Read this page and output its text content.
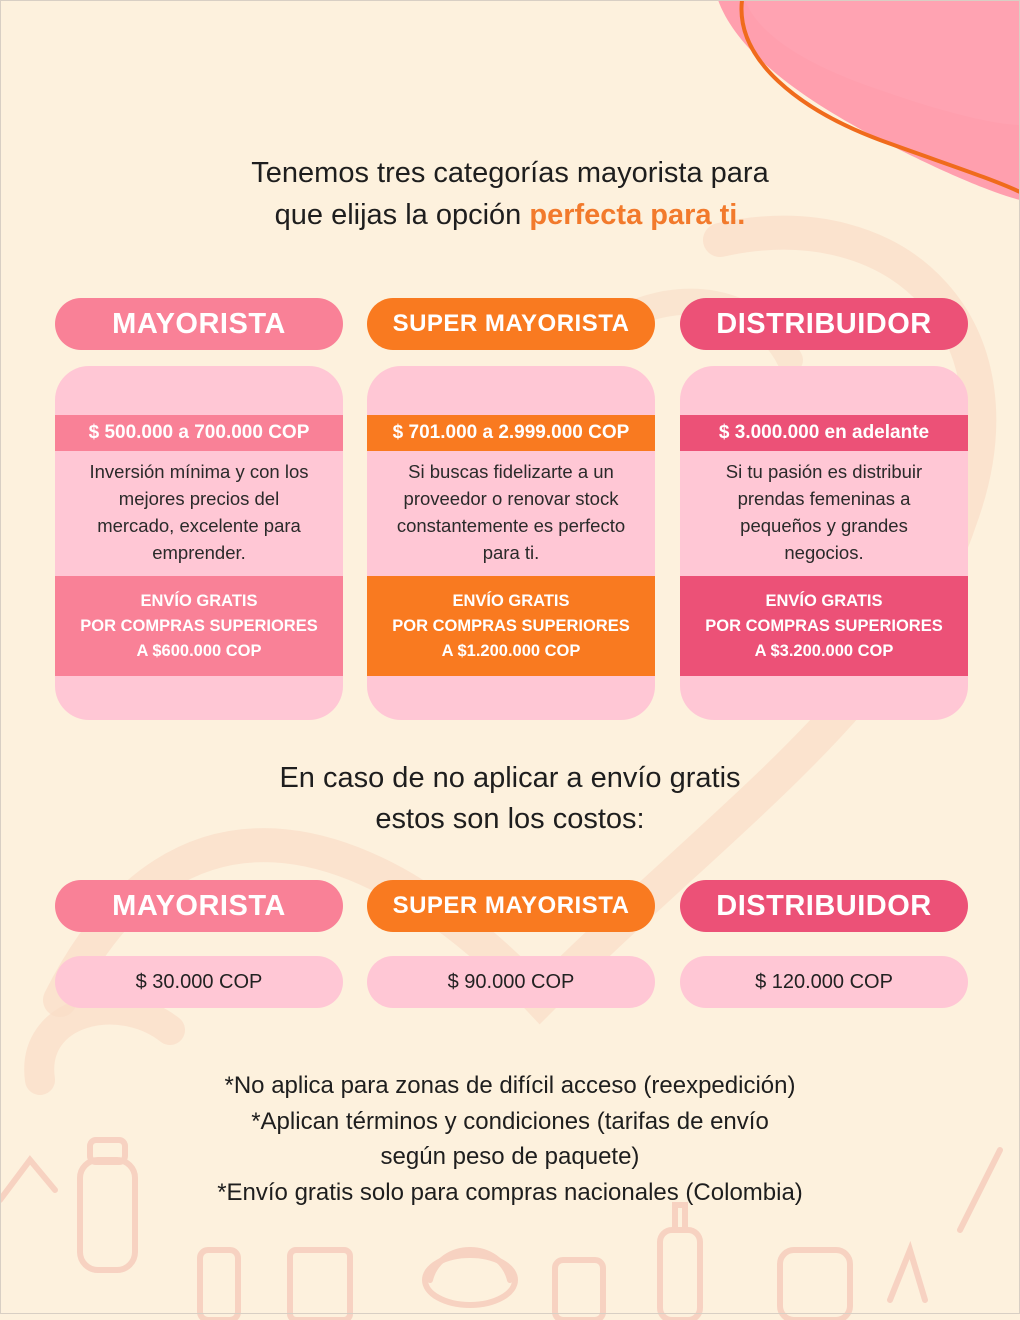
Tenemos tres categorías mayorista para
que elijas la opción perfecta para ti.
MAYORISTA	SUPER MAYORISTA	DISTRIBUIDOR
$ 500.000 a 700.000 COP
Inversión mínima y con los
mejores precios del
mercado, excelente para
emprender.
ENVÍO GRATIS
POR COMPRAS SUPERIORES
A $600.000 COP
$ 701.000 a 2.999.000 COP
Si buscas fidelizarte a un
proveedor o renovar stock
constantemente es perfecto
para ti.
ENVÍO GRATIS
POR COMPRAS SUPERIORES
A $1.200.000 COP
$ 3.000.000 en adelante
Si tu pasión es distribuir
prendas femeninas a
pequeños y grandes
negocios.
ENVÍO GRATIS
POR COMPRAS SUPERIORES
A $3.200.000 COP
En caso de no aplicar a envío gratis
estos son los costos:
MAYORISTA	SUPER MAYORISTA	DISTRIBUIDOR
$ 30.000 COP	$ 90.000 COP	$ 120.000 COP
*No aplica para zonas de difícil acceso (reexpedición)
*Aplican términos y condiciones (tarifas de envío
según peso de paquete)
*Envío gratis solo para compras nacionales (Colombia)
